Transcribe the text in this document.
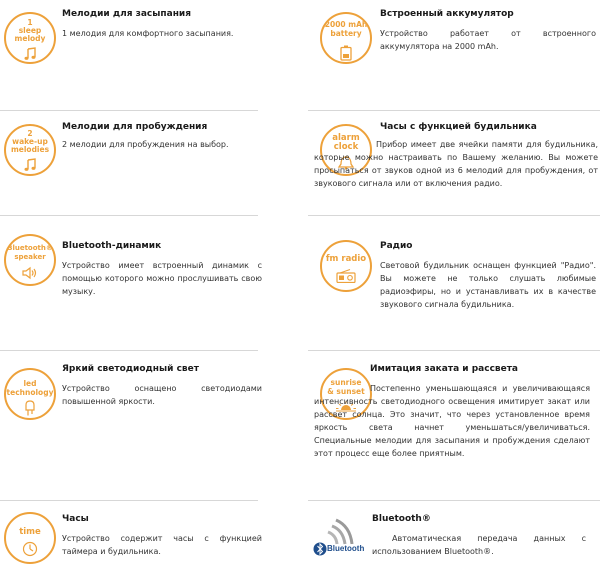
1
sleep
melody
Мелодии для засыпания
1 мелодия для комфортного засыпания.
2000 mAh
battery
Встроенный аккумулятор
Устройство работает от встроенного аккумулятора на 2000 mAh.
2
wake-up
melodies
Мелодии для пробуждения
2 мелодии для пробуждения на выбор.
alarm
clock
Часы с функцией будильника
Прибор имеет две ячейки памяти для будильника, которые можно настраивать по Вашему желанию. Вы можете просыпаться от звуков одной из 6 мелодий для пробуждения, от звукового сигнала или от включения радио.
Bluetooth®
speaker
Bluetooth-динамик
Устройство имеет встроенный динамик с помощью которого можно прослушивать свою музыку.
fm radio
Радио
Световой будильник оснащен функцией "Радио". Вы можете не только слушать любимые радиоэфиры, но и устанавливать их в качестве звукового сигнала будильника.
led
technology
Яркий светодиодный свет
Устройство оснащено светодиодами повышенной яркости.
sunrise
& sunset
Имитация заката и рассвета
Постепенно уменьшающаяся и увеличивающаяся интенсивность светодиодного освещения имитирует закат или рассвет солнца. Это значит, что через установленное время яркость света начнет уменьшаться/увеличиваться. Специальные мелодии для засыпания и пробуждения сделают этот процесс еще более приятным.
time
Часы
Устройство содержит часы с функцией таймера и будильника.	Bluetooth
Bluetooth®
Автоматическая передача данных с использованием Bluetooth®.
